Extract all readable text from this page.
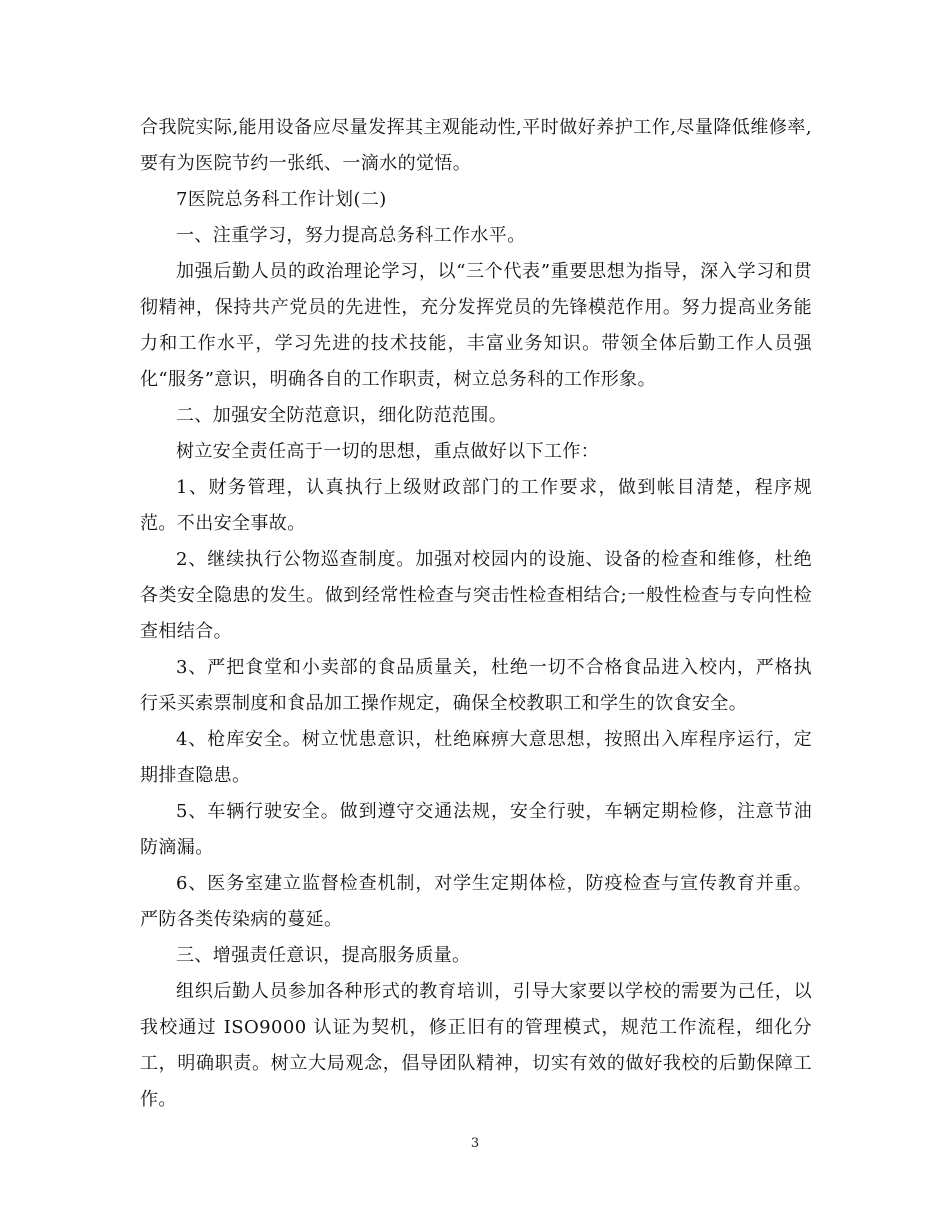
合我院实际,能用设备应尽量发挥其主观能动性,平时做好养护工作,尽量降低维修率,要有为医院节约一张纸、一滴水的觉悟。

7医院总务科工作计划(二)

一、注重学习，努力提高总务科工作水平。

加强后勤人员的政治理论学习，以“三个代表”重要思想为指导，深入学习和贯彻精神，保持共产党员的先进性，充分发挥党员的先锋模范作用。努力提高业务能力和工作水平，学习先进的技术技能，丰富业务知识。带领全体后勤工作人员强化“服务”意识，明确各自的工作职责，树立总务科的工作形象。

二、加强安全防范意识，细化防范范围。

树立安全责任高于一切的思想，重点做好以下工作：

1、财务管理，认真执行上级财政部门的工作要求，做到帐目清楚，程序规范。不出安全事故。

2、继续执行公物巡查制度。加强对校园内的设施、设备的检查和维修，杜绝各类安全隐患的发生。做到经常性检查与突击性检查相结合;一般性检查与专向性检查相结合。

3、严把食堂和小卖部的食品质量关，杜绝一切不合格食品进入校内，严格执行采买索票制度和食品加工操作规定，确保全校教职工和学生的饮食安全。

4、枪库安全。树立忧患意识，杜绝麻痹大意思想，按照出入库程序运行，定期排查隐患。

5、车辆行驶安全。做到遵守交通法规，安全行驶，车辆定期检修，注意节油防滴漏。

6、医务室建立监督检查机制，对学生定期体检，防疫检查与宣传教育并重。严防各类传染病的蔓延。

三、增强责任意识，提高服务质量。

组织后勤人员参加各种形式的教育培训，引导大家要以学校的需要为己任，以我校通过 ISO9000 认证为契机，修正旧有的管理模式，规范工作流程，细化分工，明确职责。树立大局观念，倡导团队精神，切实有效的做好我校的后勤保障工作。

3
